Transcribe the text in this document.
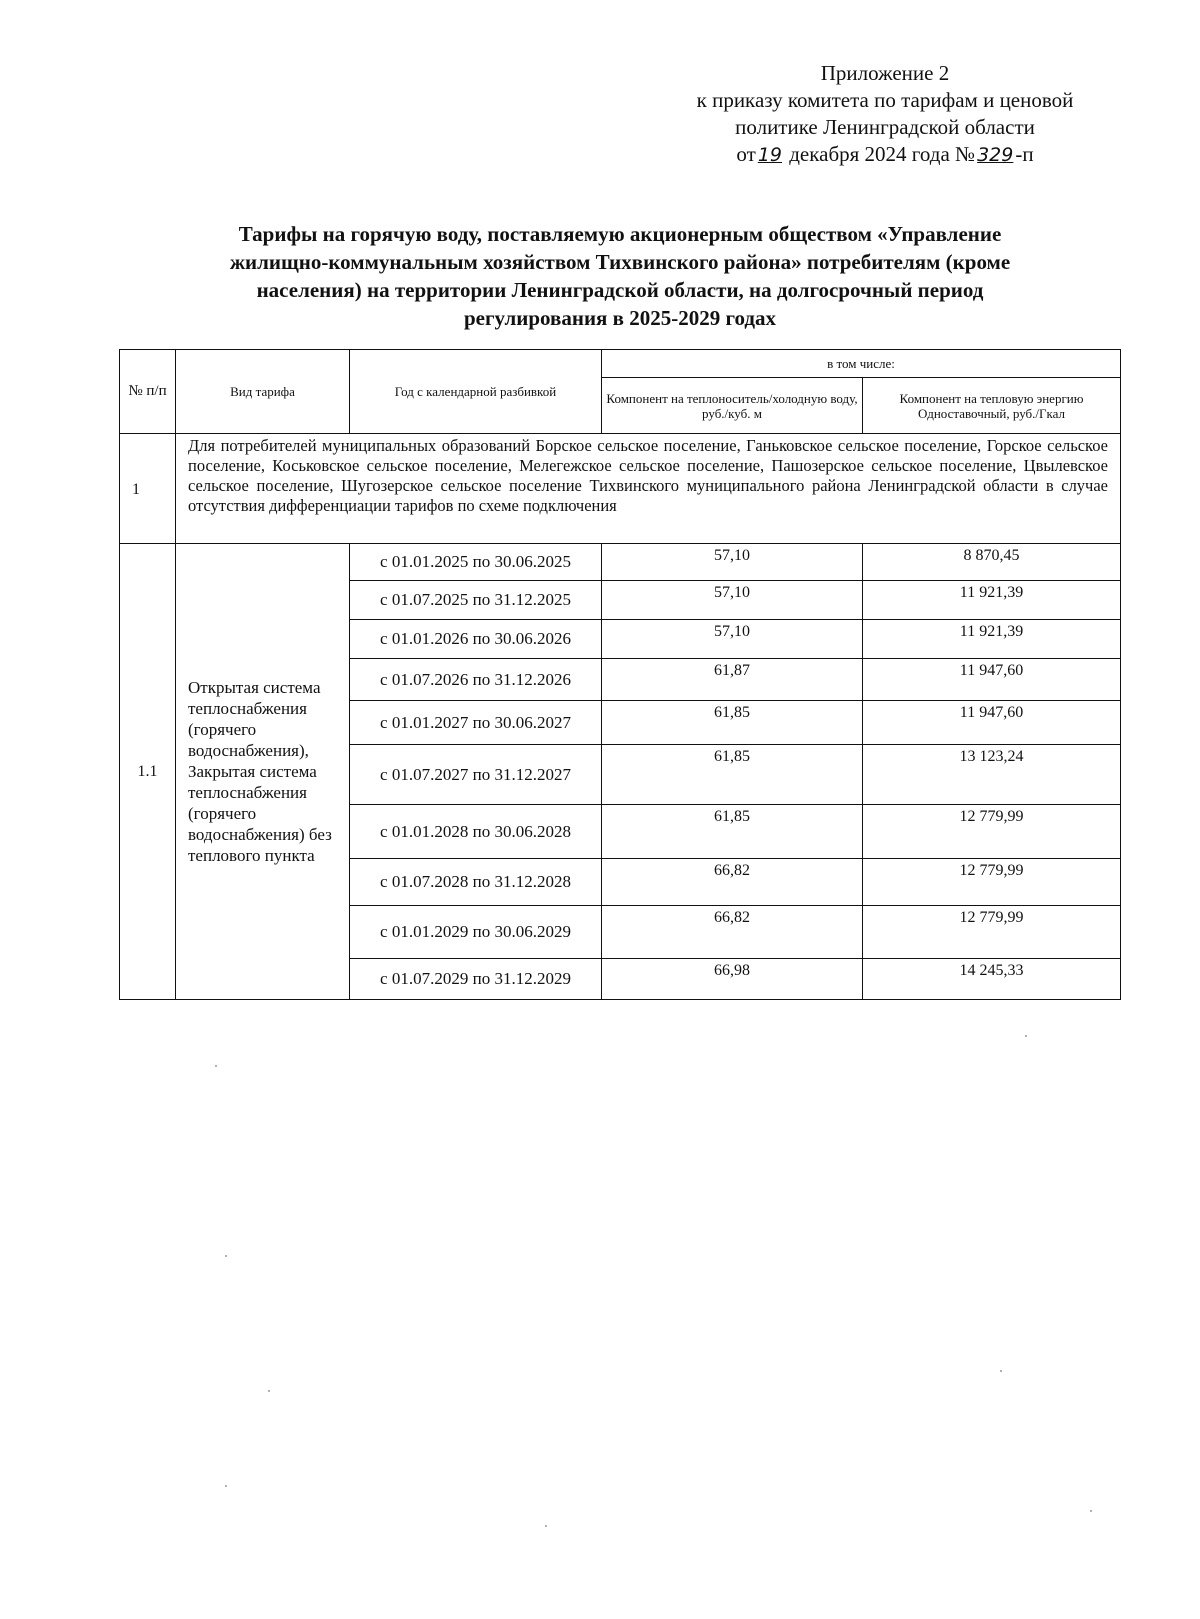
Приложение 2
к приказу комитета по тарифам и ценовой
политике Ленинградской области
от 19 декабря 2024 года № 329-п
Тарифы на горячую воду, поставляемую акционерным обществом «Управление
жилищно-коммунальным хозяйством Тихвинского района» потребителям (кроме
населения) на территории Ленинградской области, на долгосрочный период
регулирования в 2025-2029 годах
№ п/п	Вид тарифа	Год с календарной разбивкой	в том числе:	
			Компонент на теплоноситель/холодную воду, руб./куб. м	Компонент на тепловую энергию Одноставочный, руб./Гкал
1	Для потребителей муниципальных образований Борское сельское поселение, Ганьковское сельское поселение, Горское сельское поселение, Коськовское сельское поселение, Мелегежское сельское поселение, Пашозерское сельское поселение, Цвылевское сельское поселение, Шугозерское сельское поселение Тихвинского муниципального района Ленинградской области в случае отсутствия дифференциации тарифов по схеме подключения			
1.1	Открытая система теплоснабжения (горячего водоснабжения), Закрытая система теплоснабжения (горячего водоснабжения) без теплового пункта	с 01.01.2025 по 30.06.2025	57,10	8 870,45
		с 01.07.2025 по 31.12.2025	57,10	11 921,39
		с 01.01.2026 по 30.06.2026	57,10	11 921,39
		с 01.07.2026 по 31.12.2026	61,87	11 947,60
		с 01.01.2027 по 30.06.2027	61,85	11 947,60
		с 01.07.2027 по 31.12.2027	61,85	13 123,24
		с 01.01.2028 по 30.06.2028	61,85	12 779,99
		с 01.07.2028 по 31.12.2028	66,82	12 779,99
		с 01.01.2029 по 30.06.2029	66,82	12 779,99
		с 01.07.2029 по 31.12.2029	66,98	14 245,33
